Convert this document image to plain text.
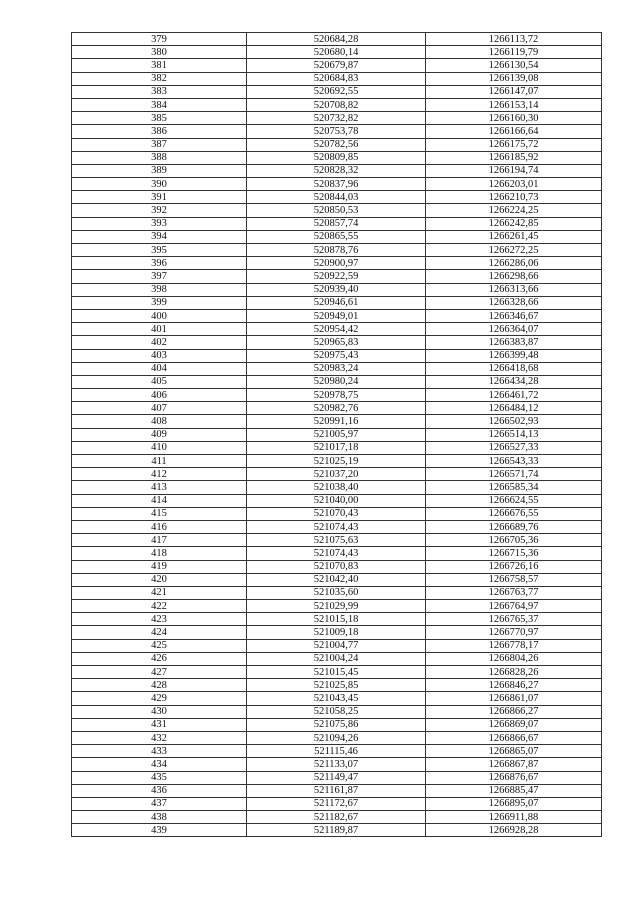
379	520684,28	1266113,72
380	520680,14	1266119,79
381	520679,87	1266130,54
382	520684,83	1266139,08
383	520692,55	1266147,07
384	520708,82	1266153,14
385	520732,82	1266160,30
386	520753,78	1266166,64
387	520782,56	1266175,72
388	520809,85	1266185,92
389	520828,32	1266194,74
390	520837,96	1266203,01
391	520844,03	1266210,73
392	520850,53	1266224,25
393	520857,74	1266242,85
394	520865,55	1266261,45
395	520878,76	1266272,25
396	520900,97	1266286,06
397	520922,59	1266298,66
398	520939,40	1266313,66
399	520946,61	1266328,66
400	520949,01	1266346,67
401	520954,42	1266364,07
402	520965,83	1266383,87
403	520975,43	1266399,48
404	520983,24	1266418,68
405	520980,24	1266434,28
406	520978,75	1266461,72
407	520982,76	1266484,12
408	520991,16	1266502,93
409	521005,97	1266514,13
410	521017,18	1266527,33
411	521025,19	1266543,33
412	521037,20	1266571,74
413	521038,40	1266585,34
414	521040,00	1266624,55
415	521070,43	1266676,55
416	521074,43	1266689,76
417	521075,63	1266705,36
418	521074,43	1266715,36
419	521070,83	1266726,16
420	521042,40	1266758,57
421	521035,60	1266763,77
422	521029,99	1266764,97
423	521015,18	1266765,37
424	521009,18	1266770,97
425	521004,77	1266778,17
426	521004,24	1266804,26
427	521015,45	1266828,26
428	521025,85	1266846,27
429	521043,45	1266861,07
430	521058,25	1266866,27
431	521075,86	1266869,07
432	521094,26	1266866,67
433	521115,46	1266865,07
434	521133,07	1266867,87
435	521149,47	1266876,67
436	521161,87	1266885,47
437	521172,67	1266895,07
438	521182,67	1266911,88
439	521189,87	1266928,28
